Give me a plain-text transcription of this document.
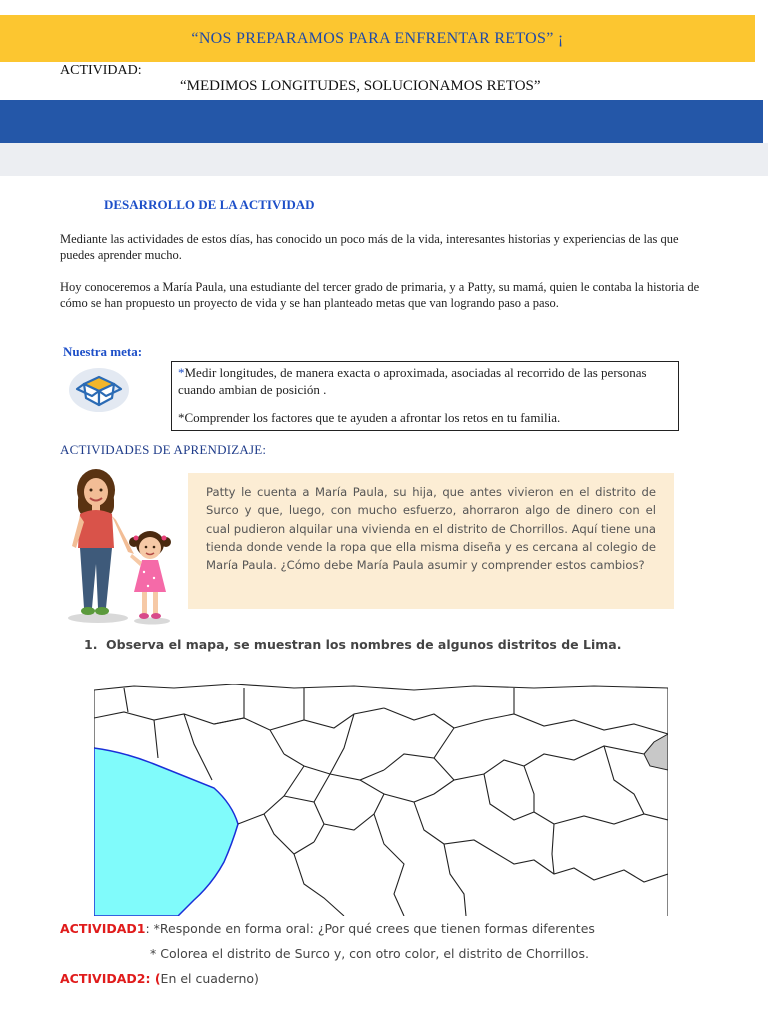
“NOS PREPARAMOS PARA ENFRENTAR RETOS” ¡
ACTIVIDAD:
“MEDIMOS LONGITUDES, SOLUCIONAMOS RETOS”
DESARROLLO DE LA ACTIVIDAD
Mediante las actividades de estos días, has conocido un poco más de la vida, interesantes historias y experiencias de las que puedes aprender mucho.
Hoy conoceremos a María Paula, una estudiante del tercer grado de primaria, y a Patty, su mamá, quien le contaba la historia de cómo se han propuesto un proyecto de vida y se han planteado metas que van logrando paso a paso.
Nuestra meta:
*Medir longitudes, de manera exacta o aproximada, asociadas al recorrido de las personas cuando ambian de posición .
*Comprender los factores que te ayuden a afrontar los retos en tu familia.
ACTIVIDADES DE APRENDIZAJE:
Patty le cuenta a María Paula, su hija, que antes vivieron en el distrito de Surco y que, luego, con mucho esfuerzo, ahorraron algo de dinero con el cual pudieron alquilar una vivienda en el distrito de Chorrillos. Aquí tiene una tienda donde vende la ropa que ella misma diseña y es cercana al colegio de María Paula. ¿Cómo debe María Paula asumir y comprender estos cambios?
1. Observa el mapa, se muestran los nombres de algunos distritos de Lima.
ACTIVIDAD1: *Responde en forma oral: ¿Por qué crees que tienen formas diferentes
* Colorea el distrito de Surco y, con otro color, el distrito de Chorrillos.
ACTIVIDAD2: (En el cuaderno)
